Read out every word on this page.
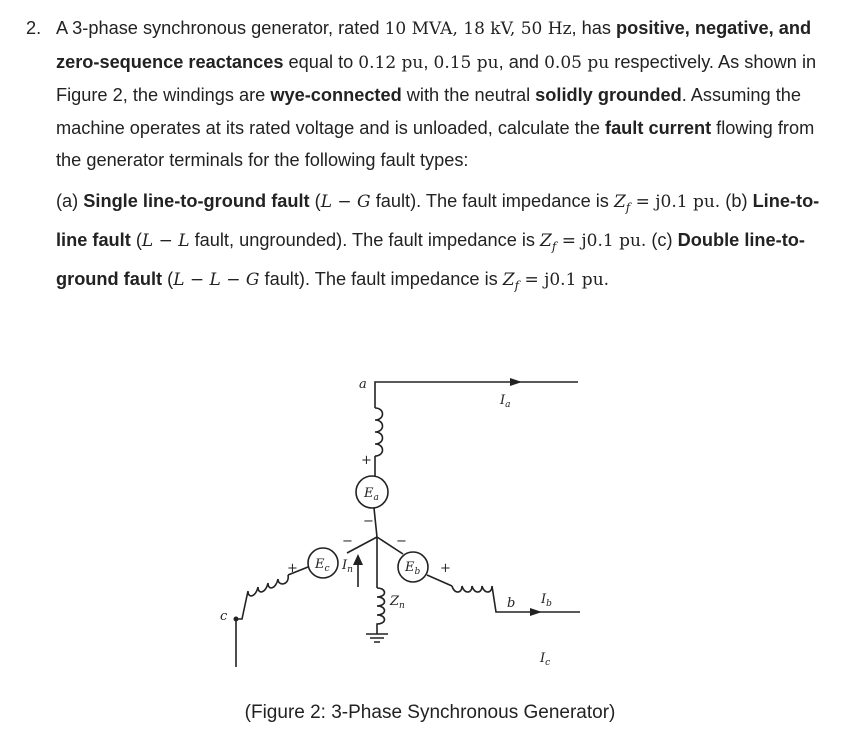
2. A 3-phase synchronous generator, rated 10 MVA, 18 kV, 50 Hz, has positive, negative, and zero-sequence reactances equal to 0.12 pu, 0.15 pu, and 0.05 pu respectively. As shown in Figure 2, the windings are wye-connected with the neutral solidly grounded. Assuming the machine operates at its rated voltage and is unloaded, calculate the fault current flowing from the generator terminals for the following fault types:
(a) Single line-to-ground fault (L − G fault). The fault impedance is $Z_f = j0.1$ pu. (b) Line-to-line fault (L − L fault, ungrounded). The fault impedance is $Z_f = j0.1$ pu. (c) Double line-to-ground fault (L − L − G fault). The fault impedance is $Z_f = j0.1$ pu.
a
b
c
$I_a$
$I_b$
$I_c$
$I_n$
$E_a$
$E_b$
$E_c$
$Z_n$
+
−
+
−
+
−
(Figure 2: 3-Phase Synchronous Generator)
